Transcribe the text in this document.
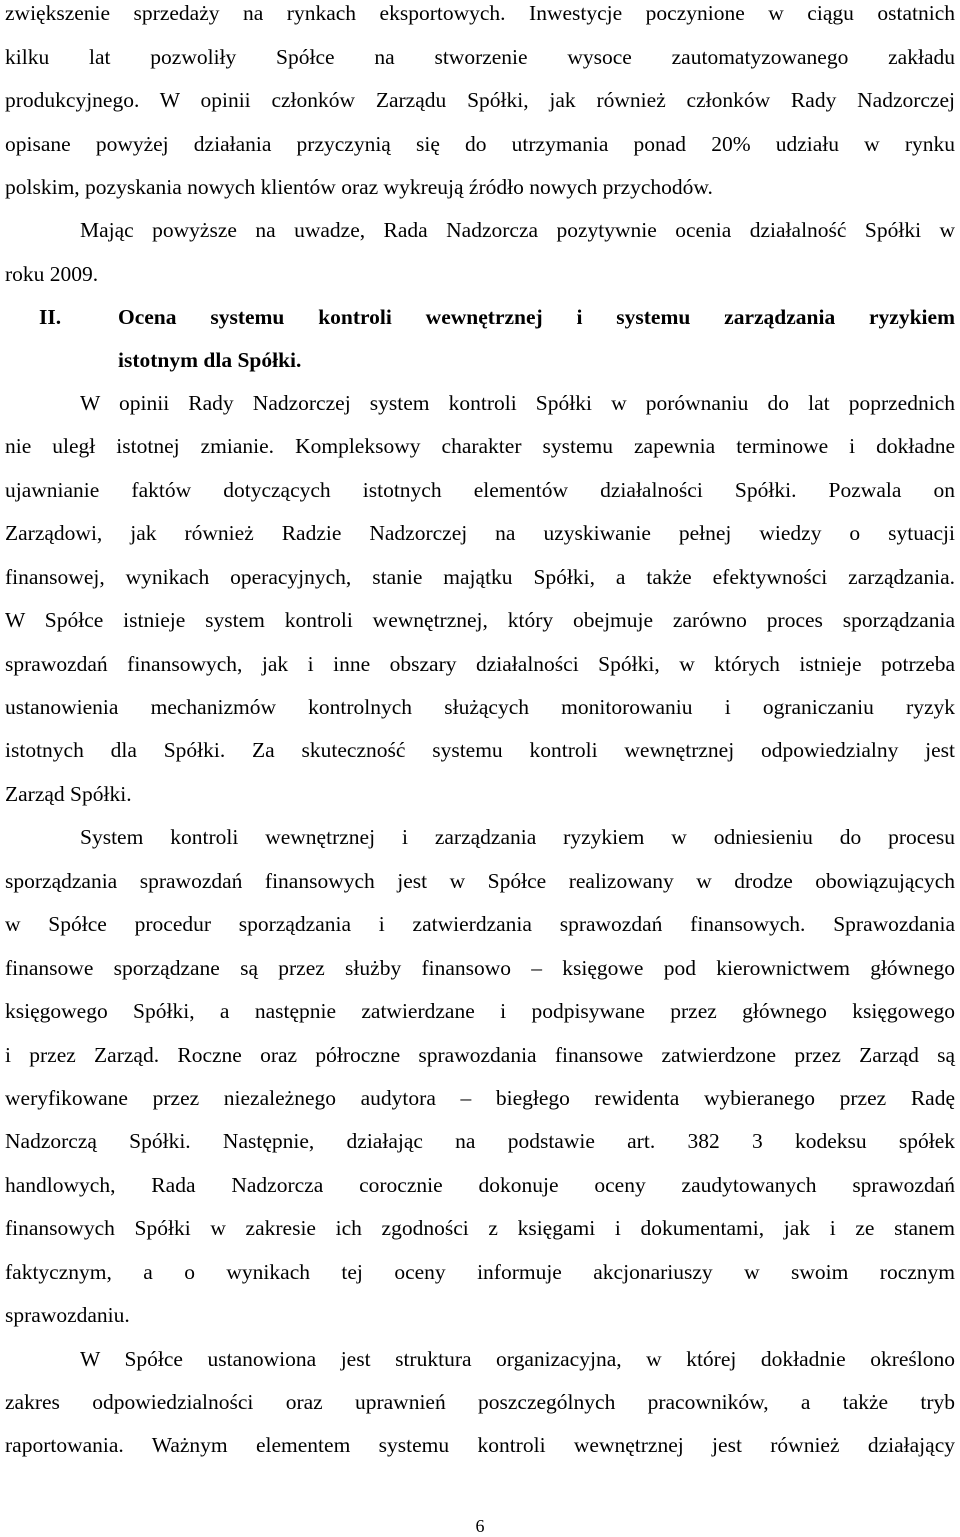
zwiększenie sprzedaży na rynkach eksportowych. Inwestycje poczynione w ciągu ostatnich
kilku lat pozwoliły Spółce na stworzenie wysoce zautomatyzowanego zakładu
produkcyjnego. W opinii członków Zarządu Spółki, jak również członków Rady Nadzorczej
opisane powyżej działania przyczynią się do utrzymania ponad 20% udziału w rynku
polskim, pozyskania nowych klientów oraz wykreują źródło nowych przychodów.
Mając powyższe na uwadze, Rada Nadzorcza pozytywnie ocenia działalność Spółki w
roku 2009.
II.	Ocena systemu kontroli wewnętrznej i systemu zarządzania ryzykiem
istotnym dla Spółki.
W opinii Rady Nadzorczej system kontroli Spółki w porównaniu do lat poprzednich
nie uległ istotnej zmianie. Kompleksowy charakter systemu zapewnia terminowe i dokładne
ujawnianie faktów dotyczących istotnych elementów działalności Spółki. Pozwala on
Zarządowi, jak również Radzie Nadzorczej na uzyskiwanie pełnej wiedzy o sytuacji
finansowej, wynikach operacyjnych, stanie majątku Spółki, a także efektywności zarządzania.
W Spółce istnieje system kontroli wewnętrznej, który obejmuje zarówno proces sporządzania
sprawozdań finansowych, jak i inne obszary działalności Spółki, w których istnieje potrzeba
ustanowienia mechanizmów kontrolnych służących monitorowaniu i ograniczaniu ryzyk
istotnych dla Spółki. Za skuteczność systemu kontroli wewnętrznej odpowiedzialny jest
Zarząd Spółki.
System kontroli wewnętrznej i zarządzania ryzykiem w odniesieniu do procesu
sporządzania sprawozdań finansowych jest w Spółce realizowany w drodze obowiązujących
w Spółce procedur sporządzania i zatwierdzania sprawozdań finansowych. Sprawozdania
finansowe sporządzane są przez służby finansowo – księgowe pod kierownictwem głównego
księgowego Spółki, a następnie zatwierdzane i podpisywane przez głównego księgowego
i przez Zarząd. Roczne oraz półroczne sprawozdania finansowe zatwierdzone przez Zarząd są
weryfikowane przez niezależnego audytora – biegłego rewidenta wybieranego przez Radę
Nadzorczą Spółki. Następnie, działając na podstawie art. 382 3 kodeksu spółek
handlowych, Rada Nadzorcza corocznie dokonuje oceny zaudytowanych sprawozdań
finansowych Spółki w zakresie ich zgodności z księgami i dokumentami, jak i ze stanem
faktycznym, a o wynikach tej oceny informuje akcjonariuszy w swoim rocznym
sprawozdaniu.
W Spółce ustanowiona jest struktura organizacyjna, w której dokładnie określono
zakres odpowiedzialności oraz uprawnień poszczególnych pracowników, a także tryb
raportowania. Ważnym elementem systemu kontroli wewnętrznej jest również działający
6
